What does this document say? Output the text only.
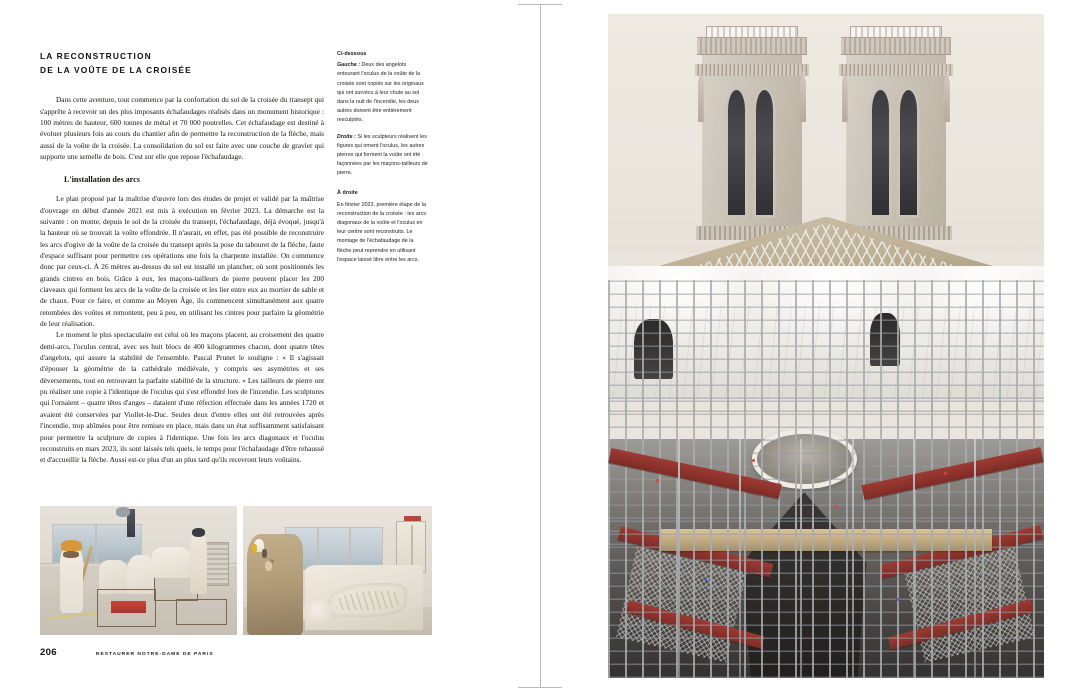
LA RECONSTRUCTION
DE LA VOÛTE DE LA CROISÉE

Dans cette aventure, tout commence par la confortation du sol de la croisée du transept qui s'apprête à recevoir un des plus imposants échafaudages réalisés dans un monument historique : 100 mètres de hauteur, 600 tonnes de métal et 70 000 poutrelles. Cet échafaudage est destiné à évoluer plusieurs fois au cours du chantier afin de permettre la reconstruction de la flèche, mais aussi de la voûte de la croisée. La consolidation du sol est faite avec une couche de gravier qui supporte une semelle de bois. C'est sur elle que repose l'échafaudage.

L'installation des arcs

Le plan proposé par la maîtrise d'œuvre lors des études de projet et validé par la maîtrise d'ouvrage en début d'année 2021 est mis à exécution en février 2023. La démarche est la suivante : on monte, depuis le sol de la croisée du transept, l'échafaudage, déjà évoqué, jusqu'à la hauteur où se trouvait la voûte effondrée. Il n'aurait, en effet, pas été possible de reconstruire les arcs d'ogive de la voûte de la croisée du transept après la pose du tabouret de la flèche, faute d'espace suffisant pour permettre ces opérations une fois la charpente installée. On commence donc par ceux-ci. À 26 mètres au-dessus du sol est installé un plancher, où sont positionnés les grands cintres en bois. Grâce à eux, les maçons-tailleurs de pierre peuvent placer les 200 claveaux qui forment les arcs de la voûte de la croisée et les lier entre eux au mortier de sable et de chaux. Pour ce faire, et comme au Moyen Âge, ils commencent simultanément aux quatre retombées des voûtes et remontent, peu à peu, en utilisant les cintres pour parfaire la géométrie de leur réalisation.

Le moment le plus spectaculaire est celui où les maçons placent, au croisement des quatre demi-arcs, l'oculus central, avec ses huit blocs de 400 kilogrammes chacun, dont quatre têtes d'angelots, qui assure la stabilité de l'ensemble. Pascal Prunet le souligne : « Il s'agissait d'épouser la géométrie de la cathédrale médiévale, y compris ses asymétries et ses déversements, tout en retrouvant la parfaite stabilité de la structure. » Les tailleurs de pierre ont pu réaliser une copie à l'identique de l'oculus qui s'est effondré lors de l'incendie. Les sculptures qui l'ornaient – quatre têtes d'anges – dataient d'une réfection effectuée dans les années 1720 et avaient été conservées par Viollet-le-Duc. Seules deux d'entre elles ont été retrouvées après l'incendie, trop abîmées pour être remises en place, mais dans un état suffisamment satisfaisant pour permettre la sculpture de copies à l'identique. Une fois les arcs diagonaux et l'oculus reconstruits en mars 2023, ils sont laissés tels quels, le temps pour l'échafaudage d'être rehaussé et d'accueillir la flèche. Aussi est-ce plus d'un an plus tard qu'ils recevront leurs voûtains.

Ci-dessous
Gauche : Deux des angelots entourant l'oculus de la voûte de la croisée sont copiés sur les originaux qui ont survécu à leur chute au sol dans la nuit de l'incendie, les deux autres doivent être entièrement resculptés.
Droite : Si les sculpteurs réalisent les figures qui ornent l'oculus, les autres pierres qui forment la voûte ont été façonnées par les maçons-tailleurs de pierre.
À droite
En février 2023, première étape de la reconstruction de la croisée : les arcs diagonaux de la voûte et l'oculus en leur centre sont reconstruits. Le montage de l'échafaudage de la flèche peut reprendre en utilisant l'espace laissé libre entre les arcs.
206	RESTAURER NOTRE-DAME DE PARIS
